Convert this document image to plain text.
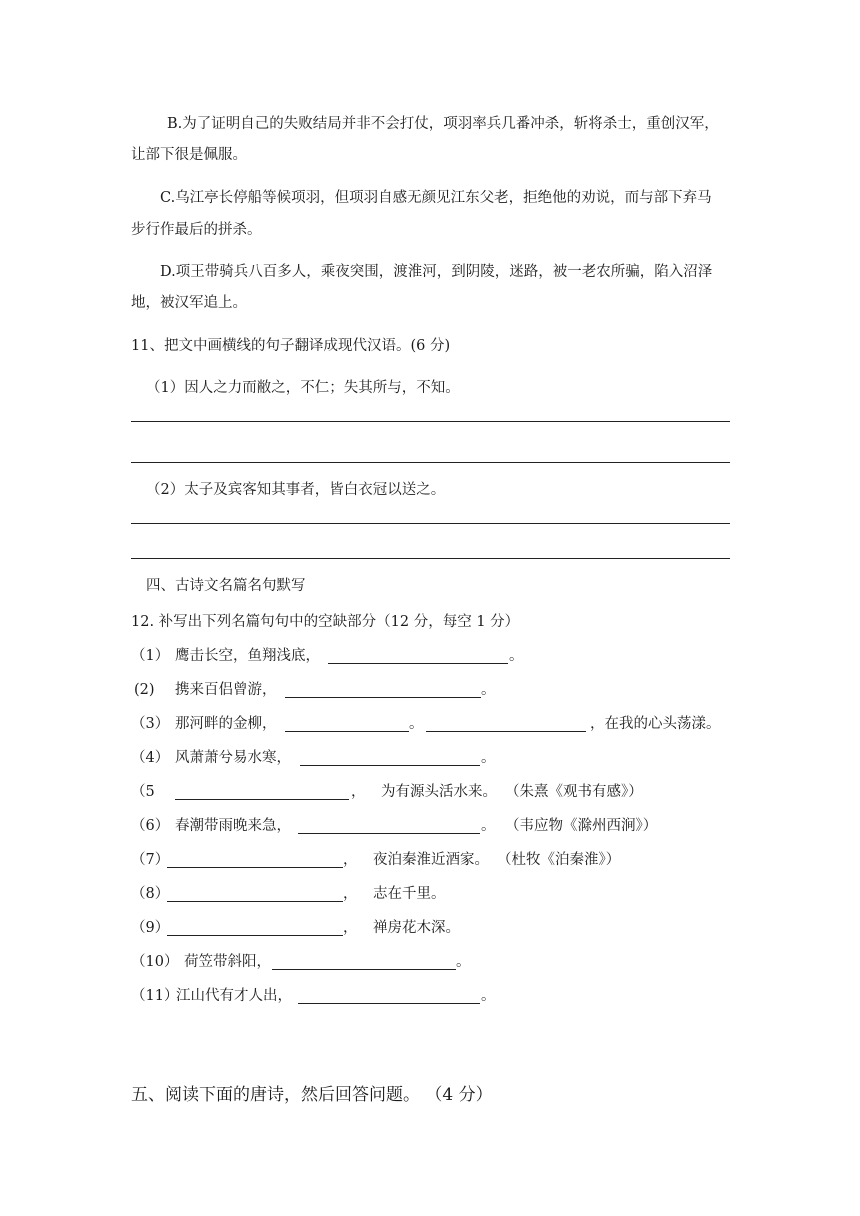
B.为了证明自己的失败结局并非不会打仗，项羽率兵几番冲杀，斩将杀士，重创汉军，
让部下很是佩服。
C.乌江亭长停船等候项羽，但项羽自感无颜见江东父老，拒绝他的劝说，而与部下弃马
步行作最后的拼杀。
D.项王带骑兵八百多人，乘夜突围，渡淮河，到阴陵，迷路，被一老农所骗，陷入沼泽
地，被汉军追上。
11、把文中画横线的句子翻译成现代汉语。(6 分)
（1）因人之力而敝之，不仁；失其所与，不知。
（2）太子及宾客知其事者，皆白衣冠以送之。
四、古诗文名篇名句默写
12. 补写出下列名篇句句中的空缺部分（12 分，每空 1 分）
（1） 鹰击长空，鱼翔浅底，	。
(2) 携来百侣曾游，	。
（3） 那河畔的金柳，	。	，在我的心头荡漾。
（4） 风萧萧兮易水寒，	。
（5	， 为有源头活水来。 （朱熹《观书有感》）
（6） 春潮带雨晚来急，	。 （韦应物《滁州西涧》）
（7）	， 夜泊秦淮近酒家。 （杜牧《泊秦淮》）
（8）	， 志在千里。
（9）	， 禅房花木深。
（10） 荷笠带斜阳，	。
（11）
江山代有才人出，	。
五、阅读下面的唐诗，然后回答问题。 （4 分）
